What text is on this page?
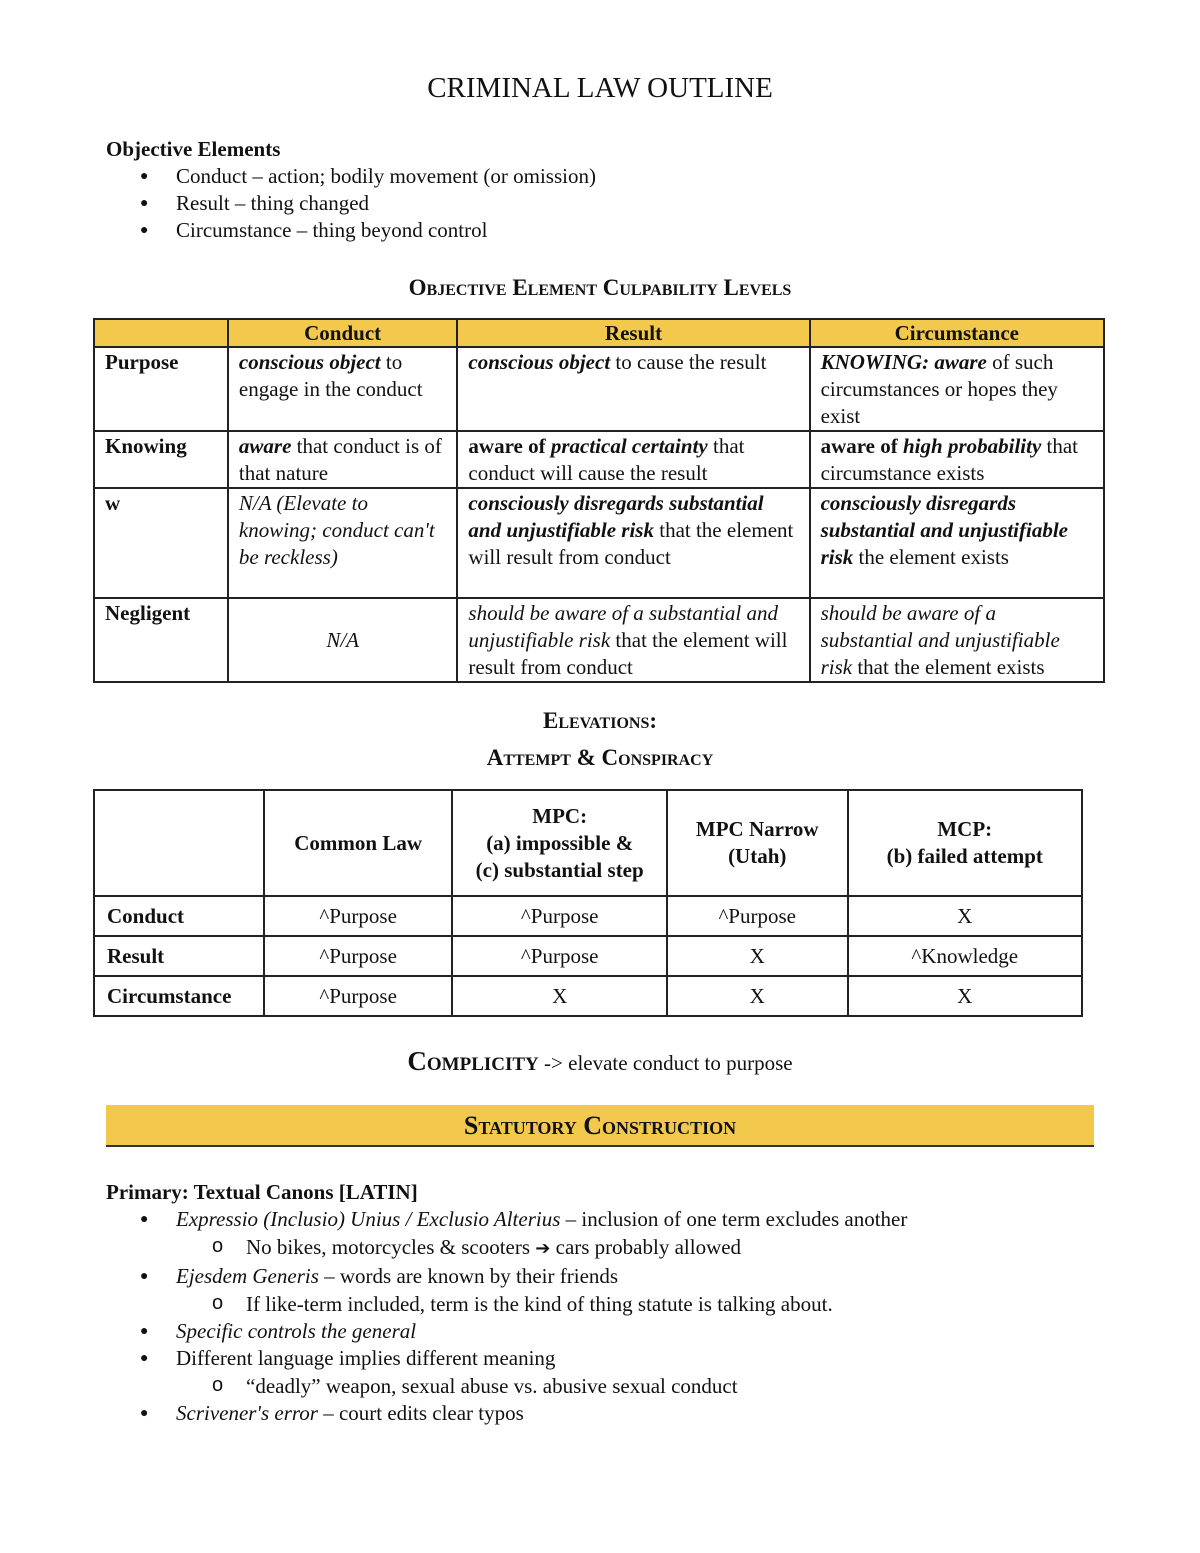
CRIMINAL LAW OUTLINE

Objective Elements

● Conduct – action; bodily movement (or omission)
● Result – thing changed
● Circumstance – thing beyond control
Objective Element Culpability Levels
	Conduct	Result	Circumstance
Purpose	conscious object to engage in the conduct	conscious object to cause the result	KNOWING: aware of such circumstances or hopes they exist
Knowing	aware that conduct is of that nature	aware of practical certainty that conduct will cause the result	aware of high probability that circumstance exists
w	N/A (Elevate to knowing; conduct can't be reckless)	consciously disregards substantial and unjustifiable risk that the element will result from conduct	consciously disregards substantial and unjustifiable risk the element exists
Negligent	N/A	should be aware of a substantial and unjustifiable risk that the element will result from conduct	should be aware of a substantial and unjustifiable risk that the element exists
Elevations:
Attempt & Conspiracy
	Common Law	MPC:
(a) impossible &
(c) substantial step	MPC Narrow
(Utah)	MCP:
(b) failed attempt
Conduct	^Purpose	^Purpose	^Purpose	X
Result	^Purpose	^Purpose	X	^Knowledge
Circumstance	^Purpose	X	X	X
Complicity -> elevate conduct to purpose
Statutory Construction

Primary: Textual Canons [LATIN]

● Expressio (Inclusio) Unius / Exclusio Alterius – inclusion of one term excludes another
o No bikes, motorcycles & scooters ➔ cars probably allowed
● Ejesdem Generis – words are known by their friends
o If like-term included, term is the kind of thing statute is talking about.
● Specific controls the general
● Different language implies different meaning
o “deadly” weapon, sexual abuse vs. abusive sexual conduct
● Scrivener's error – court edits clear typos
